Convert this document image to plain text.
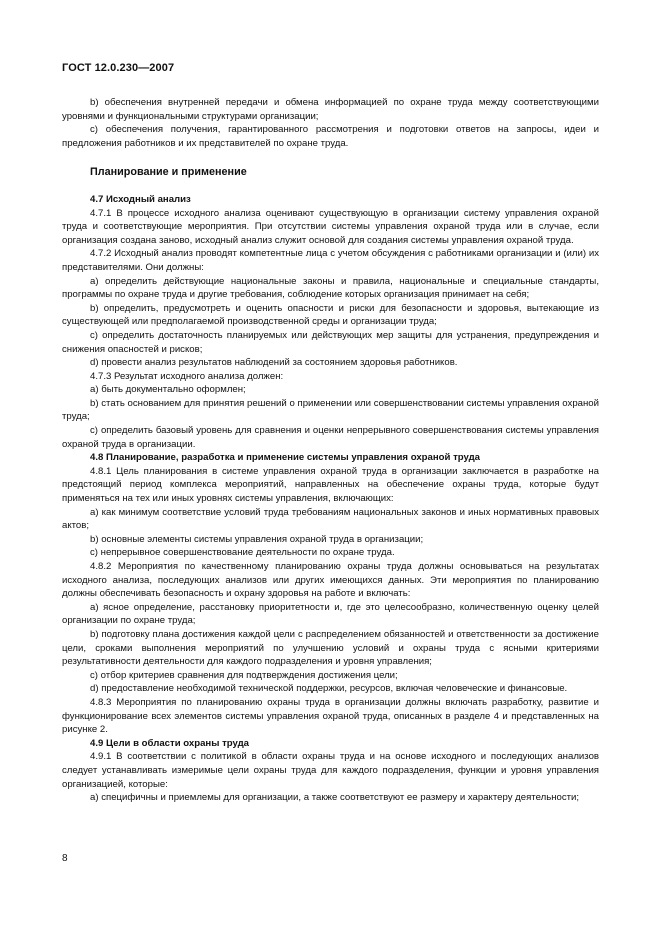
ГОСТ 12.0.230—2007

b) обеспечения внутренней передачи и обмена информацией по охране труда между соответствующими уровнями и функциональными структурами организации;

c) обеспечения получения, гарантированного рассмотрения и подготовки ответов на запросы, идеи и предложения работников и их представителей по охране труда.

Планирование и применение

4.7 Исходный анализ

4.7.1 В процессе исходного анализа оценивают существующую в организации систему управления охраной труда и соответствующие мероприятия. При отсутствии системы управления охраной труда или в случае, если организация создана заново, исходный анализ служит основой для создания системы управления охраной труда.

4.7.2 Исходный анализ проводят компетентные лица с учетом обсуждения с работниками организации и (или) их представителями. Они должны:

а) определить действующие национальные законы и правила, национальные и специальные стандарты, программы по охране труда и другие требования, соблюдение которых организация принимает на себя;

b) определить, предусмотреть и оценить опасности и риски для безопасности и здоровья, вытекающие из существующей или предполагаемой производственной среды и организации труда;

c) определить достаточность планируемых или действующих мер защиты для устранения, предупреждения и снижения опасностей и рисков;

d) провести анализ результатов наблюдений за состоянием здоровья работников.

4.7.3 Результат исходного анализа должен:

а) быть документально оформлен;

b) стать основанием для принятия решений о применении или совершенствовании системы управления охраной труда;

c) определить базовый уровень для сравнения и оценки непрерывного совершенствования системы управления охраной труда в организации.

4.8 Планирование, разработка и применение системы управления охраной труда

4.8.1 Цель планирования в системе управления охраной труда в организации заключается в разработке на предстоящий период комплекса мероприятий, направленных на обеспечение охраны труда, которые будут применяться на тех или иных уровнях системы управления, включающих:

а) как минимум соответствие условий труда требованиям национальных законов и иных нормативных правовых актов;

b) основные элементы системы управления охраной труда в организации;

c) непрерывное совершенствование деятельности по охране труда.

4.8.2 Мероприятия по качественному планированию охраны труда должны основываться на результатах исходного анализа, последующих анализов или других имеющихся данных. Эти мероприятия по планированию должны обеспечивать безопасность и охрану здоровья на работе и включать:

а) ясное определение, расстановку приоритетности и, где это целесообразно, количественную оценку целей организации по охране труда;

b) подготовку плана достижения каждой цели с распределением обязанностей и ответственности за достижение цели, сроками выполнения мероприятий по улучшению условий и охраны труда с ясными критериями результативности деятельности для каждого подразделения и уровня управления;

c) отбор критериев сравнения для подтверждения достижения цели;

d) предоставление необходимой технической поддержки, ресурсов, включая человеческие и финансовые.

4.8.3 Мероприятия по планированию охраны труда в организации должны включать разработку, развитие и функционирование всех элементов системы управления охраной труда, описанных в разделе 4 и представленных на рисунке 2.

4.9 Цели в области охраны труда

4.9.1 В соответствии с политикой в области охраны труда и на основе исходного и последующих анализов следует устанавливать измеримые цели охраны труда для каждого подразделения, функции и уровня управления организацией, которые:

а) специфичны и приемлемы для организации, а также соответствуют ее размеру и характеру деятельности;

8
